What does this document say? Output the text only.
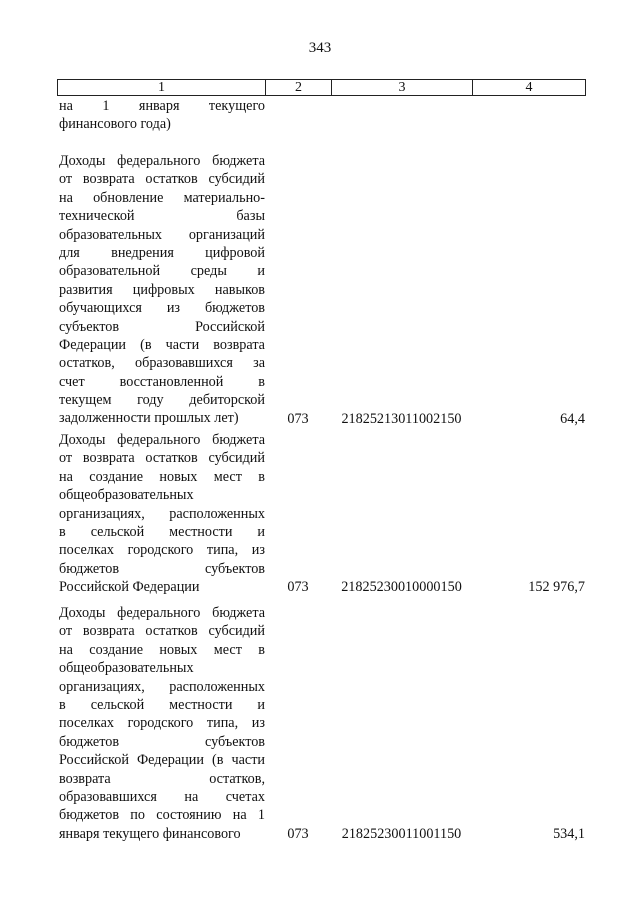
343
1	2	3	4
на 1 января текущего
финансового года)
Доходы федерального бюджета
от возврата остатков субсидий
на обновление материально-
технической базы
образовательных организаций
для внедрения цифровой
образовательной среды и
развития цифровых навыков
обучающихся из бюджетов
субъектов Российской
Федерации (в части возврата
остатков, образовавшихся за
счет восстановленной в
текущем году дебиторской
задолженности прошлых лет)	073	21825213011002150	64,4
Доходы федерального бюджета
от возврата остатков субсидий
на создание новых мест в
общеобразовательных
организациях, расположенных
в сельской местности и
поселках городского типа, из
бюджетов субъектов
Российской Федерации	073	21825230010000150	152 976,7
Доходы федерального бюджета
от возврата остатков субсидий
на создание новых мест в
общеобразовательных
организациях, расположенных
в сельской местности и
поселках городского типа, из
бюджетов субъектов
Российской Федерации (в части
возврата остатков,
образовавшихся на счетах
бюджетов по состоянию на 1
января текущего финансового	073	21825230011001150	534,1
